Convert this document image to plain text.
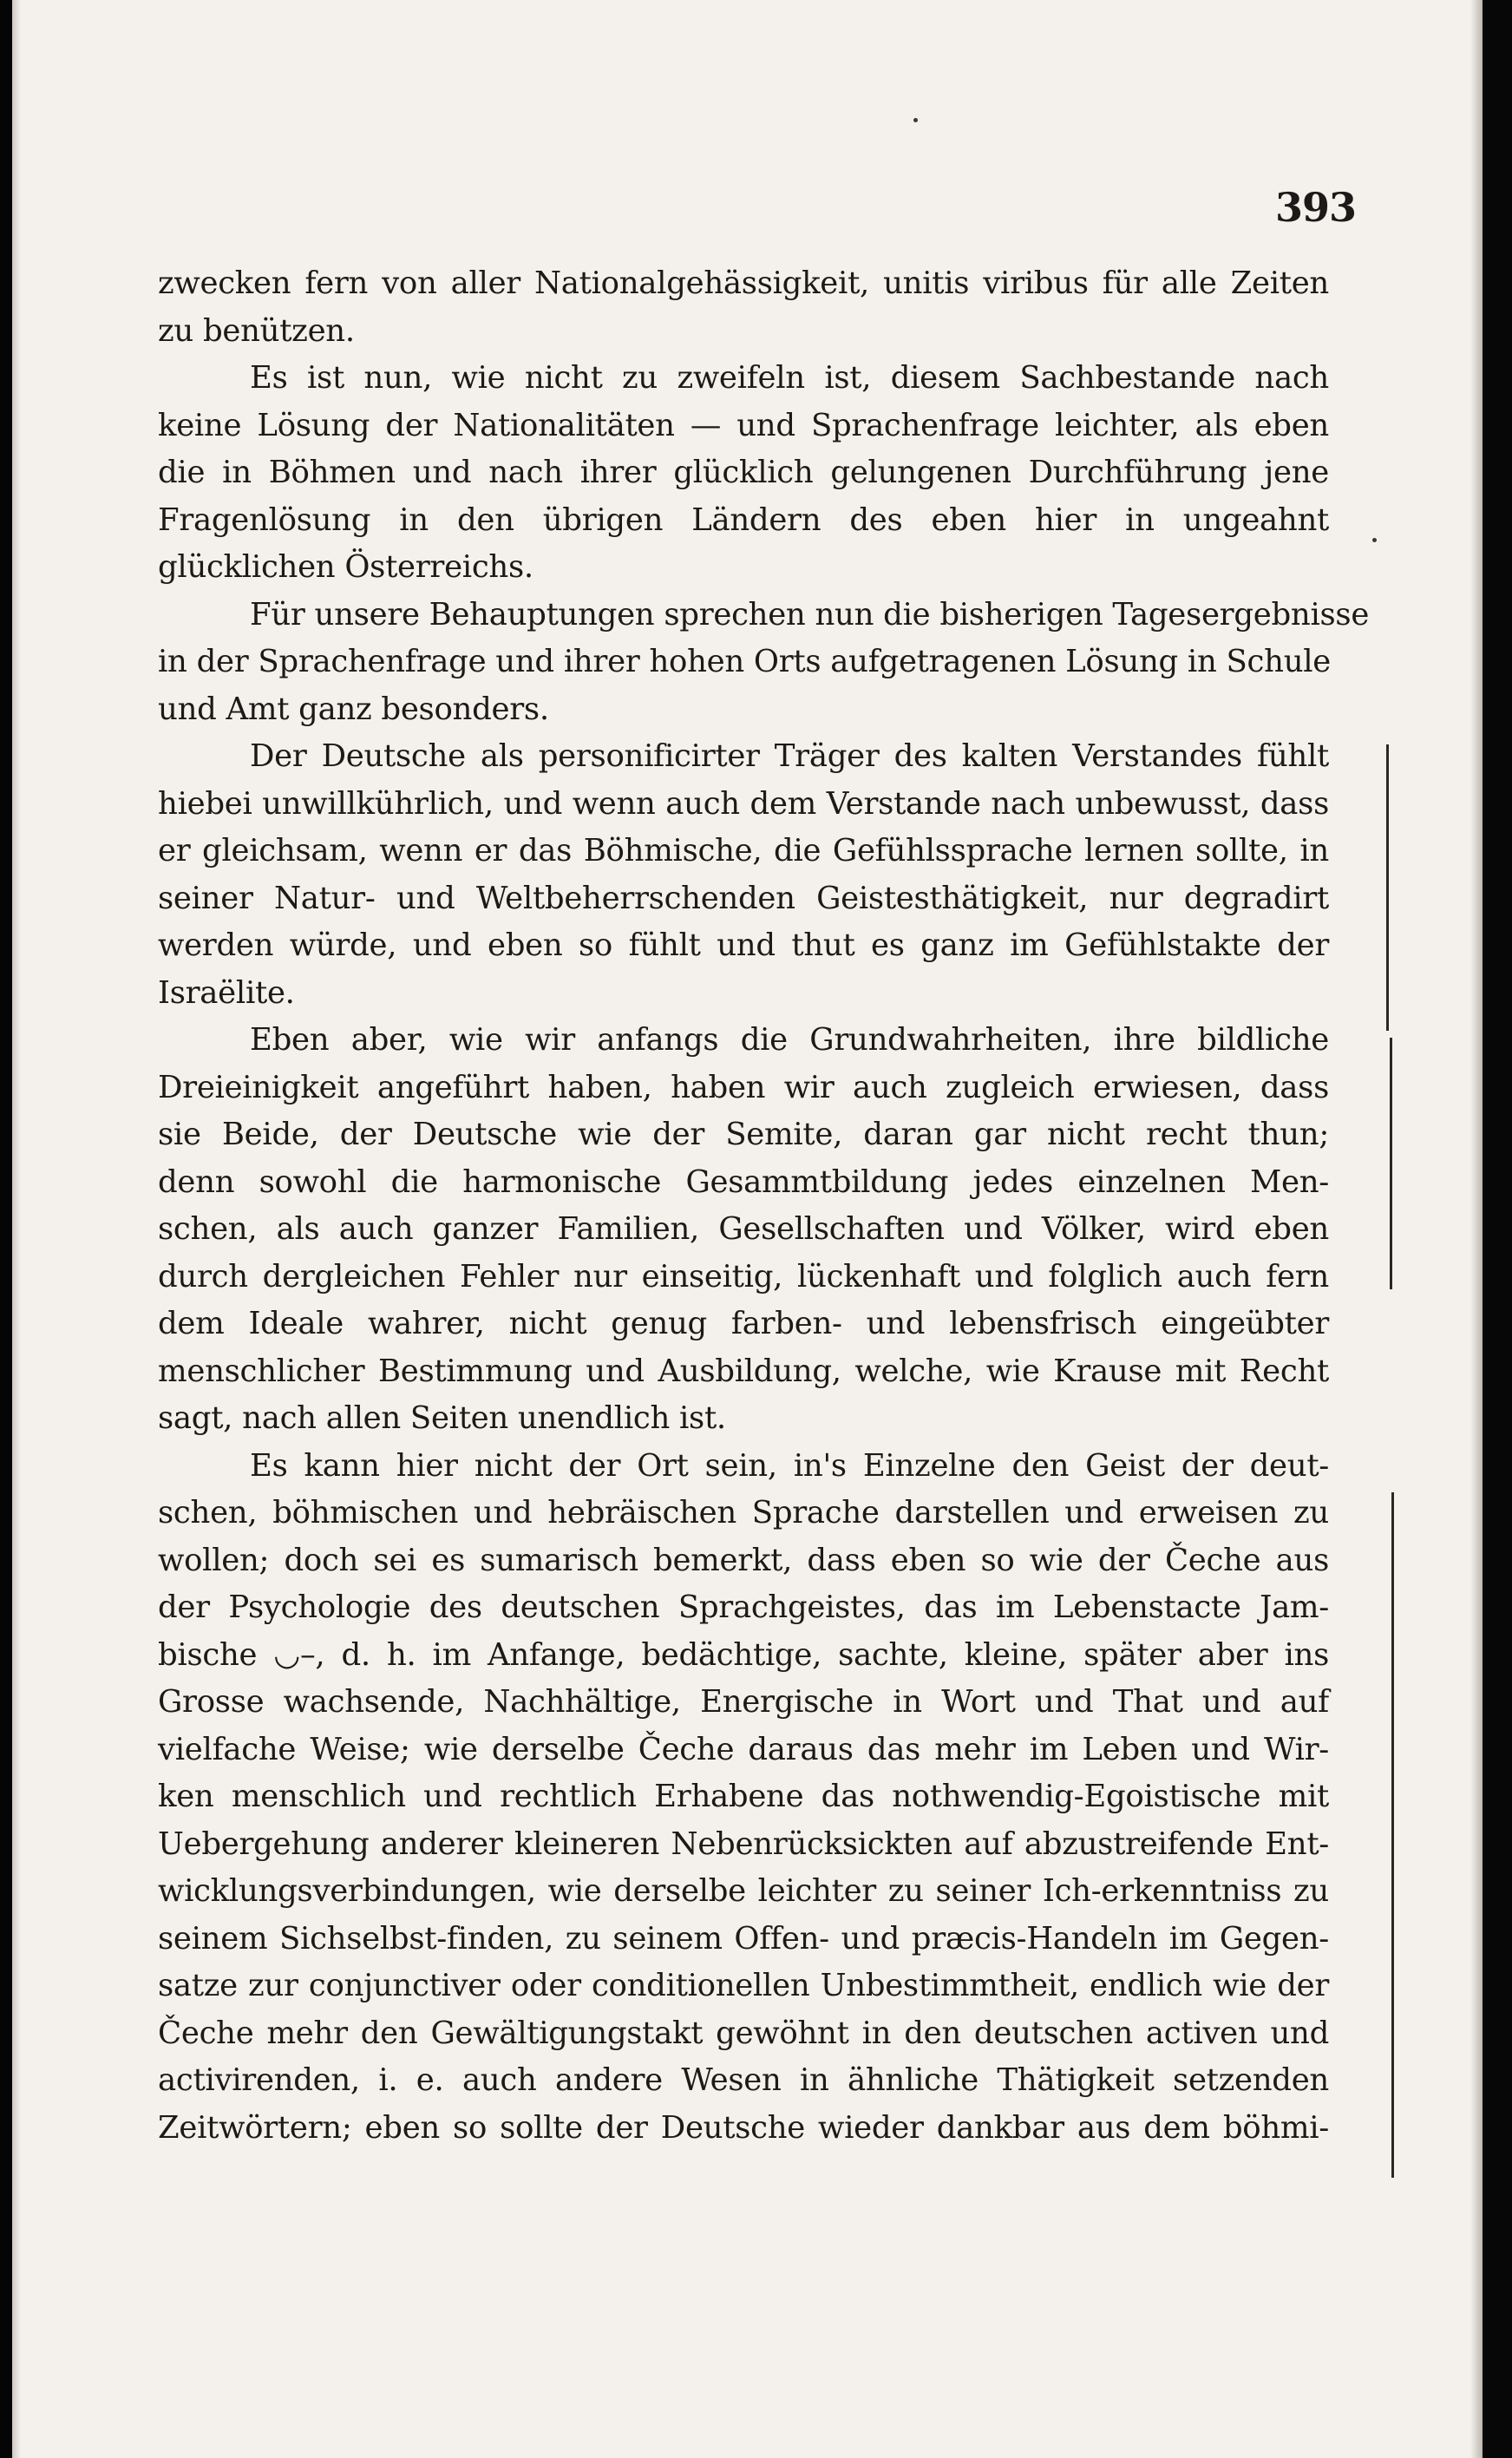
393
zwecken fern von aller Nationalgehässigkeit, unitis viribus für alle Zeiten
zu benützen.
Es ist nun, wie nicht zu zweifeln ist, diesem Sachbestande nach
keine Lösung der Nationalitäten — und Sprachenfrage leichter, als eben
die in Böhmen und nach ihrer glücklich gelungenen Durchführung jene
Fragenlösung in den übrigen Ländern des eben hier in ungeahnt
glücklichen Österreichs.
Für unsere Behauptungen sprechen nun die bisherigen Tagesergebnisse
in der Sprachenfrage und ihrer hohen Orts aufgetragenen Lösung in Schule
und Amt ganz besonders.
Der Deutsche als personificirter Träger des kalten Verstandes fühlt
hiebei unwillkührlich, und wenn auch dem Verstande nach unbewusst, dass
er gleichsam, wenn er das Böhmische, die Gefühlssprache lernen sollte, in
seiner Natur- und Weltbeherrschenden Geistesthätigkeit, nur degradirt
werden würde, und eben so fühlt und thut es ganz im Gefühlstakte der
Israëlite.
Eben aber, wie wir anfangs die Grundwahrheiten, ihre bildliche
Dreieinigkeit angeführt haben, haben wir auch zugleich erwiesen, dass
sie Beide, der Deutsche wie der Semite, daran gar nicht recht thun;
denn sowohl die harmonische Gesammtbildung jedes einzelnen Men-
schen, als auch ganzer Familien, Gesellschaften und Völker, wird eben
durch dergleichen Fehler nur einseitig, lückenhaft und folglich auch fern
dem Ideale wahrer, nicht genug farben- und lebensfrisch eingeübter
menschlicher Bestimmung und Ausbildung, welche, wie Krause mit Recht
sagt, nach allen Seiten unendlich ist.
Es kann hier nicht der Ort sein, in's Einzelne den Geist der deut-
schen, böhmischen und hebräischen Sprache darstellen und erweisen zu
wollen; doch sei es sumarisch bemerkt, dass eben so wie der Čeche aus
der Psychologie des deutschen Sprachgeistes, das im Lebenstacte Jam-
bische ◡–, d. h. im Anfange, bedächtige, sachte, kleine, später aber ins
Grosse wachsende, Nachhältige, Energische in Wort und That und auf
vielfache Weise; wie derselbe Čeche daraus das mehr im Leben und Wir-
ken menschlich und rechtlich Erhabene das nothwendig-Egoistische mit
Uebergehung anderer kleineren Nebenrücksickten auf abzustreifende Ent-
wicklungsverbindungen, wie derselbe leichter zu seiner Ich-erkenntniss zu
seinem Sichselbst-finden, zu seinem Offen- und præcis-Handeln im Gegen-
satze zur conjunctiver oder conditionellen Unbestimmtheit, endlich wie der
Čeche mehr den Gewältigungstakt gewöhnt in den deutschen activen und
activirenden, i. e. auch andere Wesen in ähnliche Thätigkeit setzenden
Zeitwörtern; eben so sollte der Deutsche wieder dankbar aus dem böhmi-
